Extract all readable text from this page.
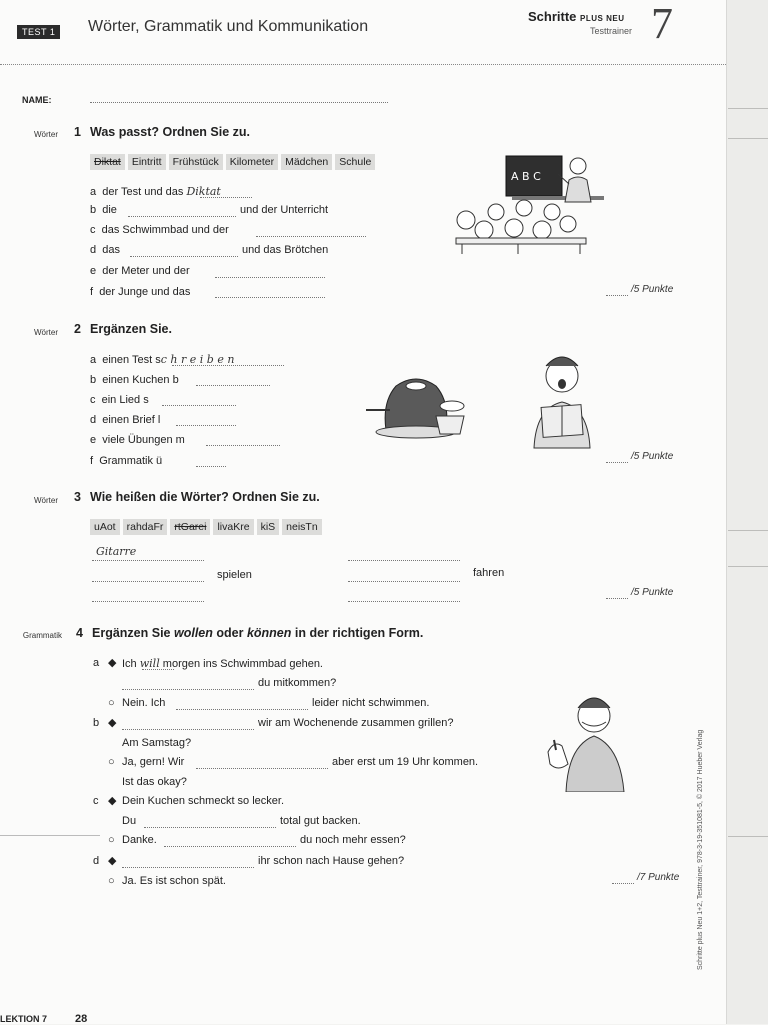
TEST 1	Wörter, Grammatik und Kommunikation
Schritte PLUS NEU
Testtrainer 7
NAME:
Wörter 1 Was passt? Ordnen Sie zu.
Diktat Eintritt Frühstück Kilometer Mädchen Schule
a der Test und das Diktat
b die	und der Unterricht
c das Schwimmbad und der
d das	und das Brötchen
e der Meter und der
f der Junge und das	/5 Punkte
A B C
Wörter 2 Ergänzen Sie.
a einen Test sc h r e i b e n
b einen Kuchen b
c ein Lied s
d einen Brief l
e viele Übungen m
f Grammatik ü	/5 Punkte
Wörter 3 Wie heißen die Wörter? Ordnen Sie zu.
uAot rahdaFr rtGarei livaKre kiS neisTn
Gitarre
spielen	fahren
/5 Punkte
Grammatik 4 Ergänzen Sie wollen oder können in der richtigen Form.
a ◆ Ich will morgen ins Schwimmbad gehen.
du mitkommen?
○ Nein. Ich	leider nicht schwimmen.
b ◆	wir am Wochenende zusammen grillen?
Am Samstag?
○ Ja, gern! Wir	aber erst um 19 Uhr kommen.
Ist das okay?
c ◆ Dein Kuchen schmeckt so lecker.
Du	total gut backen.
○ Danke.	du noch mehr essen?
d ◆	ihr schon nach Hause gehen?
○ Ja. Es ist schon spät.	/7 Punkte	Schritte plus Neu 1+2, Testtrainer, 978-3-19-351081-5, © 2017 Hueber Verlag
LEKTION 7	28
